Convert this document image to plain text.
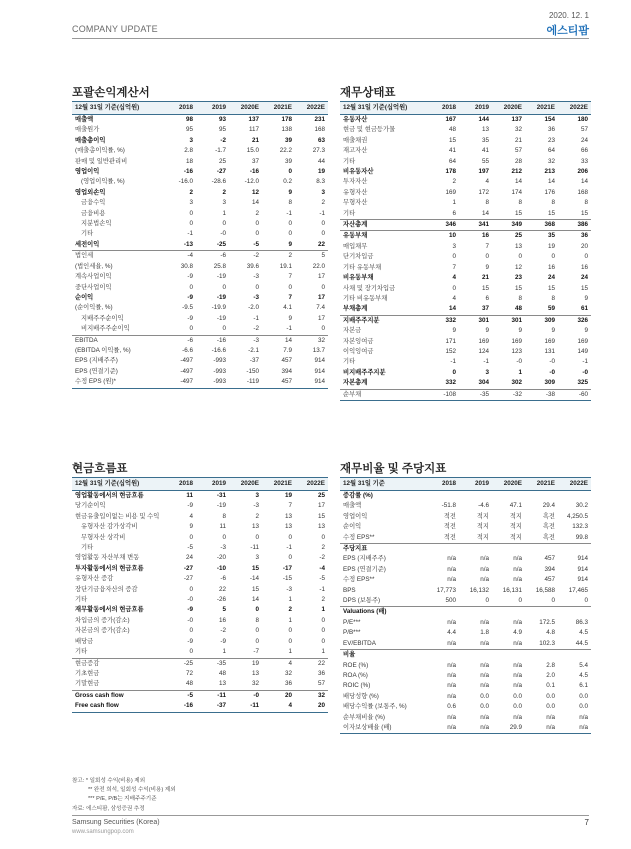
COMPANY UPDATE
2020. 12. 1
에스티팜
포괄손익계산서
12월 31일 기준(십억원)	2018	2019	2020E	2021E	2022E
매출액	98	93	137	178	231
매출원가	95	95	117	138	168
매출총이익	3	-2	21	39	63
(매출총이익률, %)	2.8	-1.7	15.0	22.2	27.3
판매 및 일반관리비	18	25	37	39	44
영업이익	-16	-27	-16	0	19
(영업이익률, %)	-16.0	-28.6	-12.0	0.2	8.3
영업외손익	2	2	12	9	3
금융수익	3	3	14	8	2
금융비용	0	1	2	-1	-1
지분법손익	0	0	0	0	0
기타	-1	-0	0	0	0
세전이익	-13	-25	-5	9	22
법인세	-4	-6	-2	2	5
(법인세율, %)	30.8	25.8	39.6	19.1	22.0
계속사업이익	-9	-19	-3	7	17
중단사업이익	0	0	0	0	0
순이익	-9	-19	-3	7	17
(순이익률, %)	-9.5	-19.9	-2.0	4.1	7.4
지배주주순이익	-9	-19	-1	9	17
비지배주주순이익	0	0	-2	-1	0
EBITDA	-6	-16	-3	14	32
(EBITDA 이익률, %)	-6.6	-16.6	-2.1	7.9	13.7
EPS (지배주주)	-497	-993	-37	457	914
EPS (연결기준)	-497	-993	-150	394	914
수정 EPS (원)*	-497	-993	-119	457	914
재무상태표
12월 31일 기준(십억원)	2018	2019	2020E	2021E	2022E
유동자산	167	144	137	154	180
현금 및 현금등가물	48	13	32	36	57
매출채권	15	35	21	23	24
재고자산	41	41	57	64	66
기타	64	55	28	32	33
비유동자산	178	197	212	213	206
투자자산	2	4	14	14	14
유형자산	169	172	174	176	168
무형자산	1	8	8	8	8
기타	6	14	15	15	15
자산총계	346	341	349	368	386
유동부채	10	16	25	35	36
매입채무	3	7	13	19	20
단기차입금	0	0	0	0	0
기타 유동부채	7	9	12	16	16
비유동부채	4	21	23	24	24
사채 및 장기차입금	0	15	15	15	15
기타 비유동부채	4	6	8	8	9
부채총계	14	37	48	59	61
지배주주지분	332	301	301	309	326
자본금	9	9	9	9	9
자본잉여금	171	169	169	169	169
이익잉여금	152	124	123	131	149
기타	-1	-1	-0	-0	-1
비지배주주지분	0	3	1	-0	-0
자본총계	332	304	302	309	325
순부채	-108	-35	-32	-38	-60
현금흐름표
12월 31일 기준(십억원)	2018	2019	2020E	2021E	2022E
영업활동에서의 현금흐름	11	-31	3	19	25
당기순이익	-9	-19	-3	7	17
현금유출입이없는 비용 및 수익	4	8	2	13	15
유형자산 감가상각비	9	11	13	13	13
무형자산 상각비	0	0	0	0	0
기타	-5	-3	-11	-1	2
영업활동 자산부채 변동	24	-20	3	0	-2
투자활동에서의 현금흐름	-27	-10	15	-17	-4
유형자산 증감	-27	-6	-14	-15	-5
장단기금융자산의 증감	0	22	15	-3	-1
기타	-0	-26	14	1	2
재무활동에서의 현금흐름	-9	5	0	2	1
차입금의 증가(감소)	-0	16	8	1	0
자본금의 증가(감소)	0	-2	0	0	0
배당금	-9	-9	0	0	0
기타	0	1	-7	1	1
현금증감	-25	-35	19	4	22
기초현금	72	48	13	32	36
기말현금	48	13	32	36	57
Gross cash flow	-5	-11	-0	20	32
Free cash flow	-16	-37	-11	4	20
재무비율 및 주당지표
12월 31일 기준	2018	2019	2020E	2021E	2022E
증감률 (%)					
매출액	-51.8	-4.6	47.1	29.4	30.2
영업이익	적전	적지	적지	흑전	4,250.5
순이익	적전	적지	적지	흑전	132.3
수정 EPS**	적전	적지	적지	흑전	99.8
주당지표					
EPS (지배주주)	n/a	n/a	n/a	457	914
EPS (연결기준)	n/a	n/a	n/a	394	914
수정 EPS**	n/a	n/a	n/a	457	914
BPS	17,773	16,132	16,131	16,588	17,465
DPS (보통주)	500	0	0	0	0
Valuations (배)					
P/E***	n/a	n/a	n/a	172.5	86.3
P/B***	4.4	1.8	4.9	4.8	4.5
EV/EBITDA	n/a	n/a	n/a	102.3	44.5
비율					
ROE (%)	n/a	n/a	n/a	2.8	5.4
ROA (%)	n/a	n/a	n/a	2.0	4.5
ROIC (%)	n/a	n/a	n/a	0.1	6.1
배당성향 (%)	n/a	0.0	0.0	0.0	0.0
배당수익률 (보통주, %)	0.6	0.0	0.0	0.0	0.0
순부채비율 (%)	n/a	n/a	n/a	n/a	n/a
이자보상배율 (배)	n/a	n/a	29.9	n/a	n/a
참고: * 일회성 수익(비용) 제외
** 완전 희석, 일회성 수익(비용) 제외
*** P/E, P/B는 지배주주기준
자료: 에스티팜, 삼성증권 추정
Samsung Securities (Korea)
www.samsungpop.com
7
